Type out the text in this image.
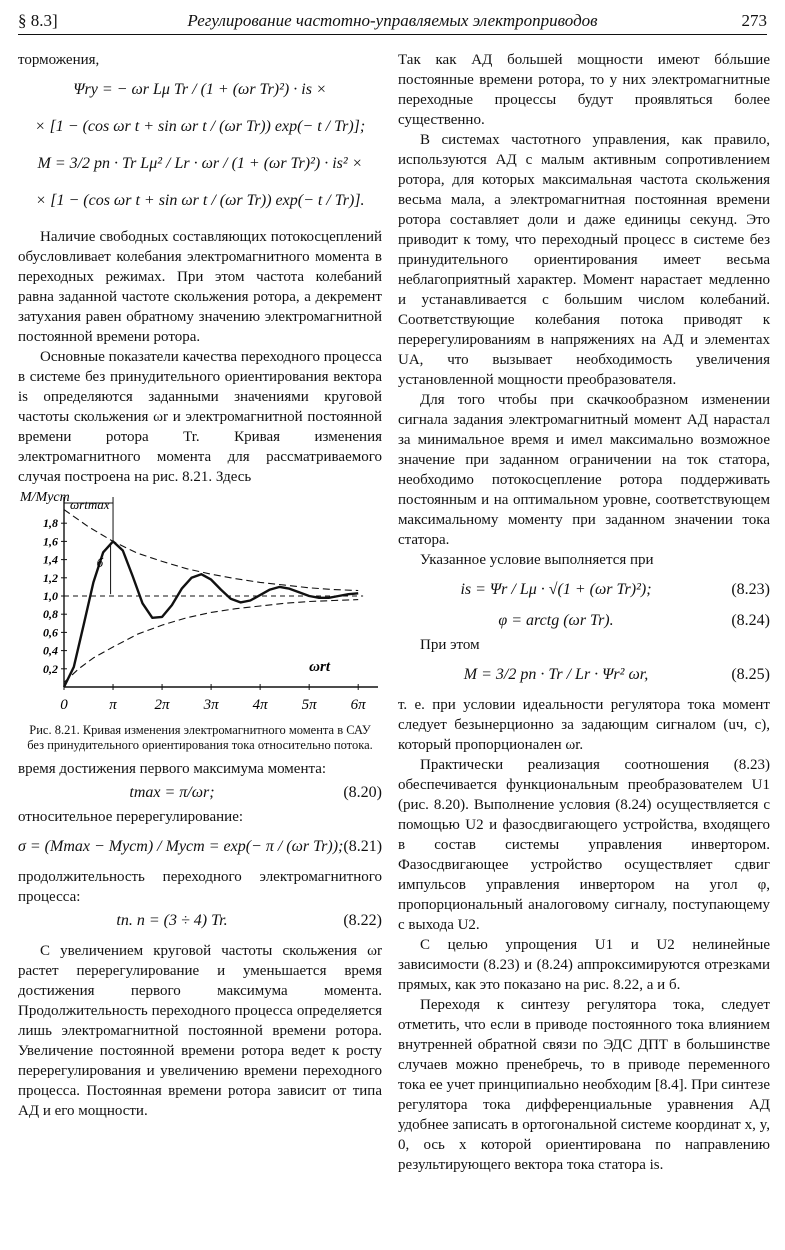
§ 8.3]	Регулирование частотно-управляемых электроприводов	273

торможения,

Ψry = − ωr Lμ Tr / (1 + (ωr Tr)²) · is ×
× [1 − (cos ωr t + sin ωr t / (ωr Tr)) exp(− t / Tr)];
M = 3/2 pп · Tr Lμ² / Lr · ωr / (1 + (ωr Tr)²) · is² ×
× [1 − (cos ωr t + sin ωr t / (ωr Tr)) exp(− t / Tr)].

Наличие свободных составляющих потокосцеплений обусловливает колебания электромагнитного момента в переходных режимах. При этом частота колебаний равна заданной частоте скольжения ротора, а декремент затухания равен обратному значению электромагнитной постоянной времени ротора.

Основные показатели качества переходного процесса в системе без принудительного ориентирования вектора is определяются заданными значениями круговой частоты скольжения ωr и электромагнитной постоянной времени ротора Tr. Кривая изменения электромагнитного момента для рассматриваемого случая построена на рис. 8.21. Здесь

0,2
0,4
0,6
0,8
1,0
1,2
1,4
1,6
1,8
0	π	2π 3π 4π 5π 6π
M/Mуст
ωrt
ωrtmax
б

Рис. 8.21. Кривая изменения электромагнитного момента в САУ без принудительного ориентирования тока относительно потока.

время достижения первого максимума момента:

tmax = π/ωr;	(8.20)

относительное перерегулирование:

σ = (Mmax − Mуст) / Mуст = exp(− π / (ωr Tr)); (8.21)

продолжительность переходного электромагнитного процесса:

tп. п = (3 ÷ 4) Tr.	(8.22)

С увеличением круговой частоты скольжения ωr растет перерегулирование и уменьшается время достижения первого максимума момента. Продолжительность переходного процесса определяется лишь электромагнитной постоянной времени ротора. Увеличение постоянной времени ротора ведет к росту перерегулирования и увеличению времени переходного процесса. Постоянная времени ротора зависит от типа АД и его мощности.

Так как АД большей мощности имеют бóльшие постоянные времени ротора, то у них электромагнитные переходные процессы будут проявляться более существенно.

В системах частотного управления, как правило, используются АД с малым активным сопротивлением ротора, для которых максимальная частота скольжения весьма мала, а электромагнитная постоянная времени ротора составляет доли и даже единицы секунд. Это приводит к тому, что переходный процесс в системе без принудительного ориентирования имеет весьма неблагоприятный характер. Момент нарастает медленно и устанавливается с большим числом колебаний. Соответствующие колебания потока приводят к перерегулированиям в напряжениях на АД и элементах UA, что вызывает необходимость увеличения установленной мощности преобразователя.

Для того чтобы при скачкообразном изменении сигнала задания электромагнитный момент АД нарастал за минимальное время и имел максимально возможное значение при заданном ограничении на ток статора, необходимо потокосцепление ротора поддерживать постоянным и на оптимальном уровне, соответствующем максимальному моменту при заданном значении тока статора.

Указанное условие выполняется при

is = Ψr / Lμ · √(1 + (ωr Tr)²);	(8.23)
φ = arctg (ωr Tr).	(8.24)

При этом

M = 3/2 pп · Tr / Lr · Ψr² ωr,	(8.25)

т. е. при условии идеальности регулятора тока момент следует безынерционно за задающим сигналом (uч, с), который пропорционален ωr.

Практически реализация соотношения (8.23) обеспечивается функциональным преобразователем U1 (рис. 8.20). Выполнение условия (8.24) осуществляется с помощью U2 и фазосдвигающего устройства, входящего в состав системы управления инвертором. Фазосдвигающее устройство осуществляет сдвиг импульсов управления инвертором на угол φ, пропорциональный аналоговому сигналу, поступающему с выхода U2.

С целью упрощения U1 и U2 нелинейные зависимости (8.23) и (8.24) аппроксимируются отрезками прямых, как это показано на рис. 8.22, а и б.

Переходя к синтезу регулятора тока, следует отметить, что если в приводе постоянного тока влиянием внутренней обратной связи по ЭДС ДПТ в большинстве случаев можно пренебречь, то в приводе переменного тока ее учет принципиально необходим [8.4]. При синтезе регулятора тока дифференциальные уравнения АД удобнее записать в ортогональной системе координат x, y, 0, ось x которой ориентирована по направлению результирующего вектора тока статора is.
